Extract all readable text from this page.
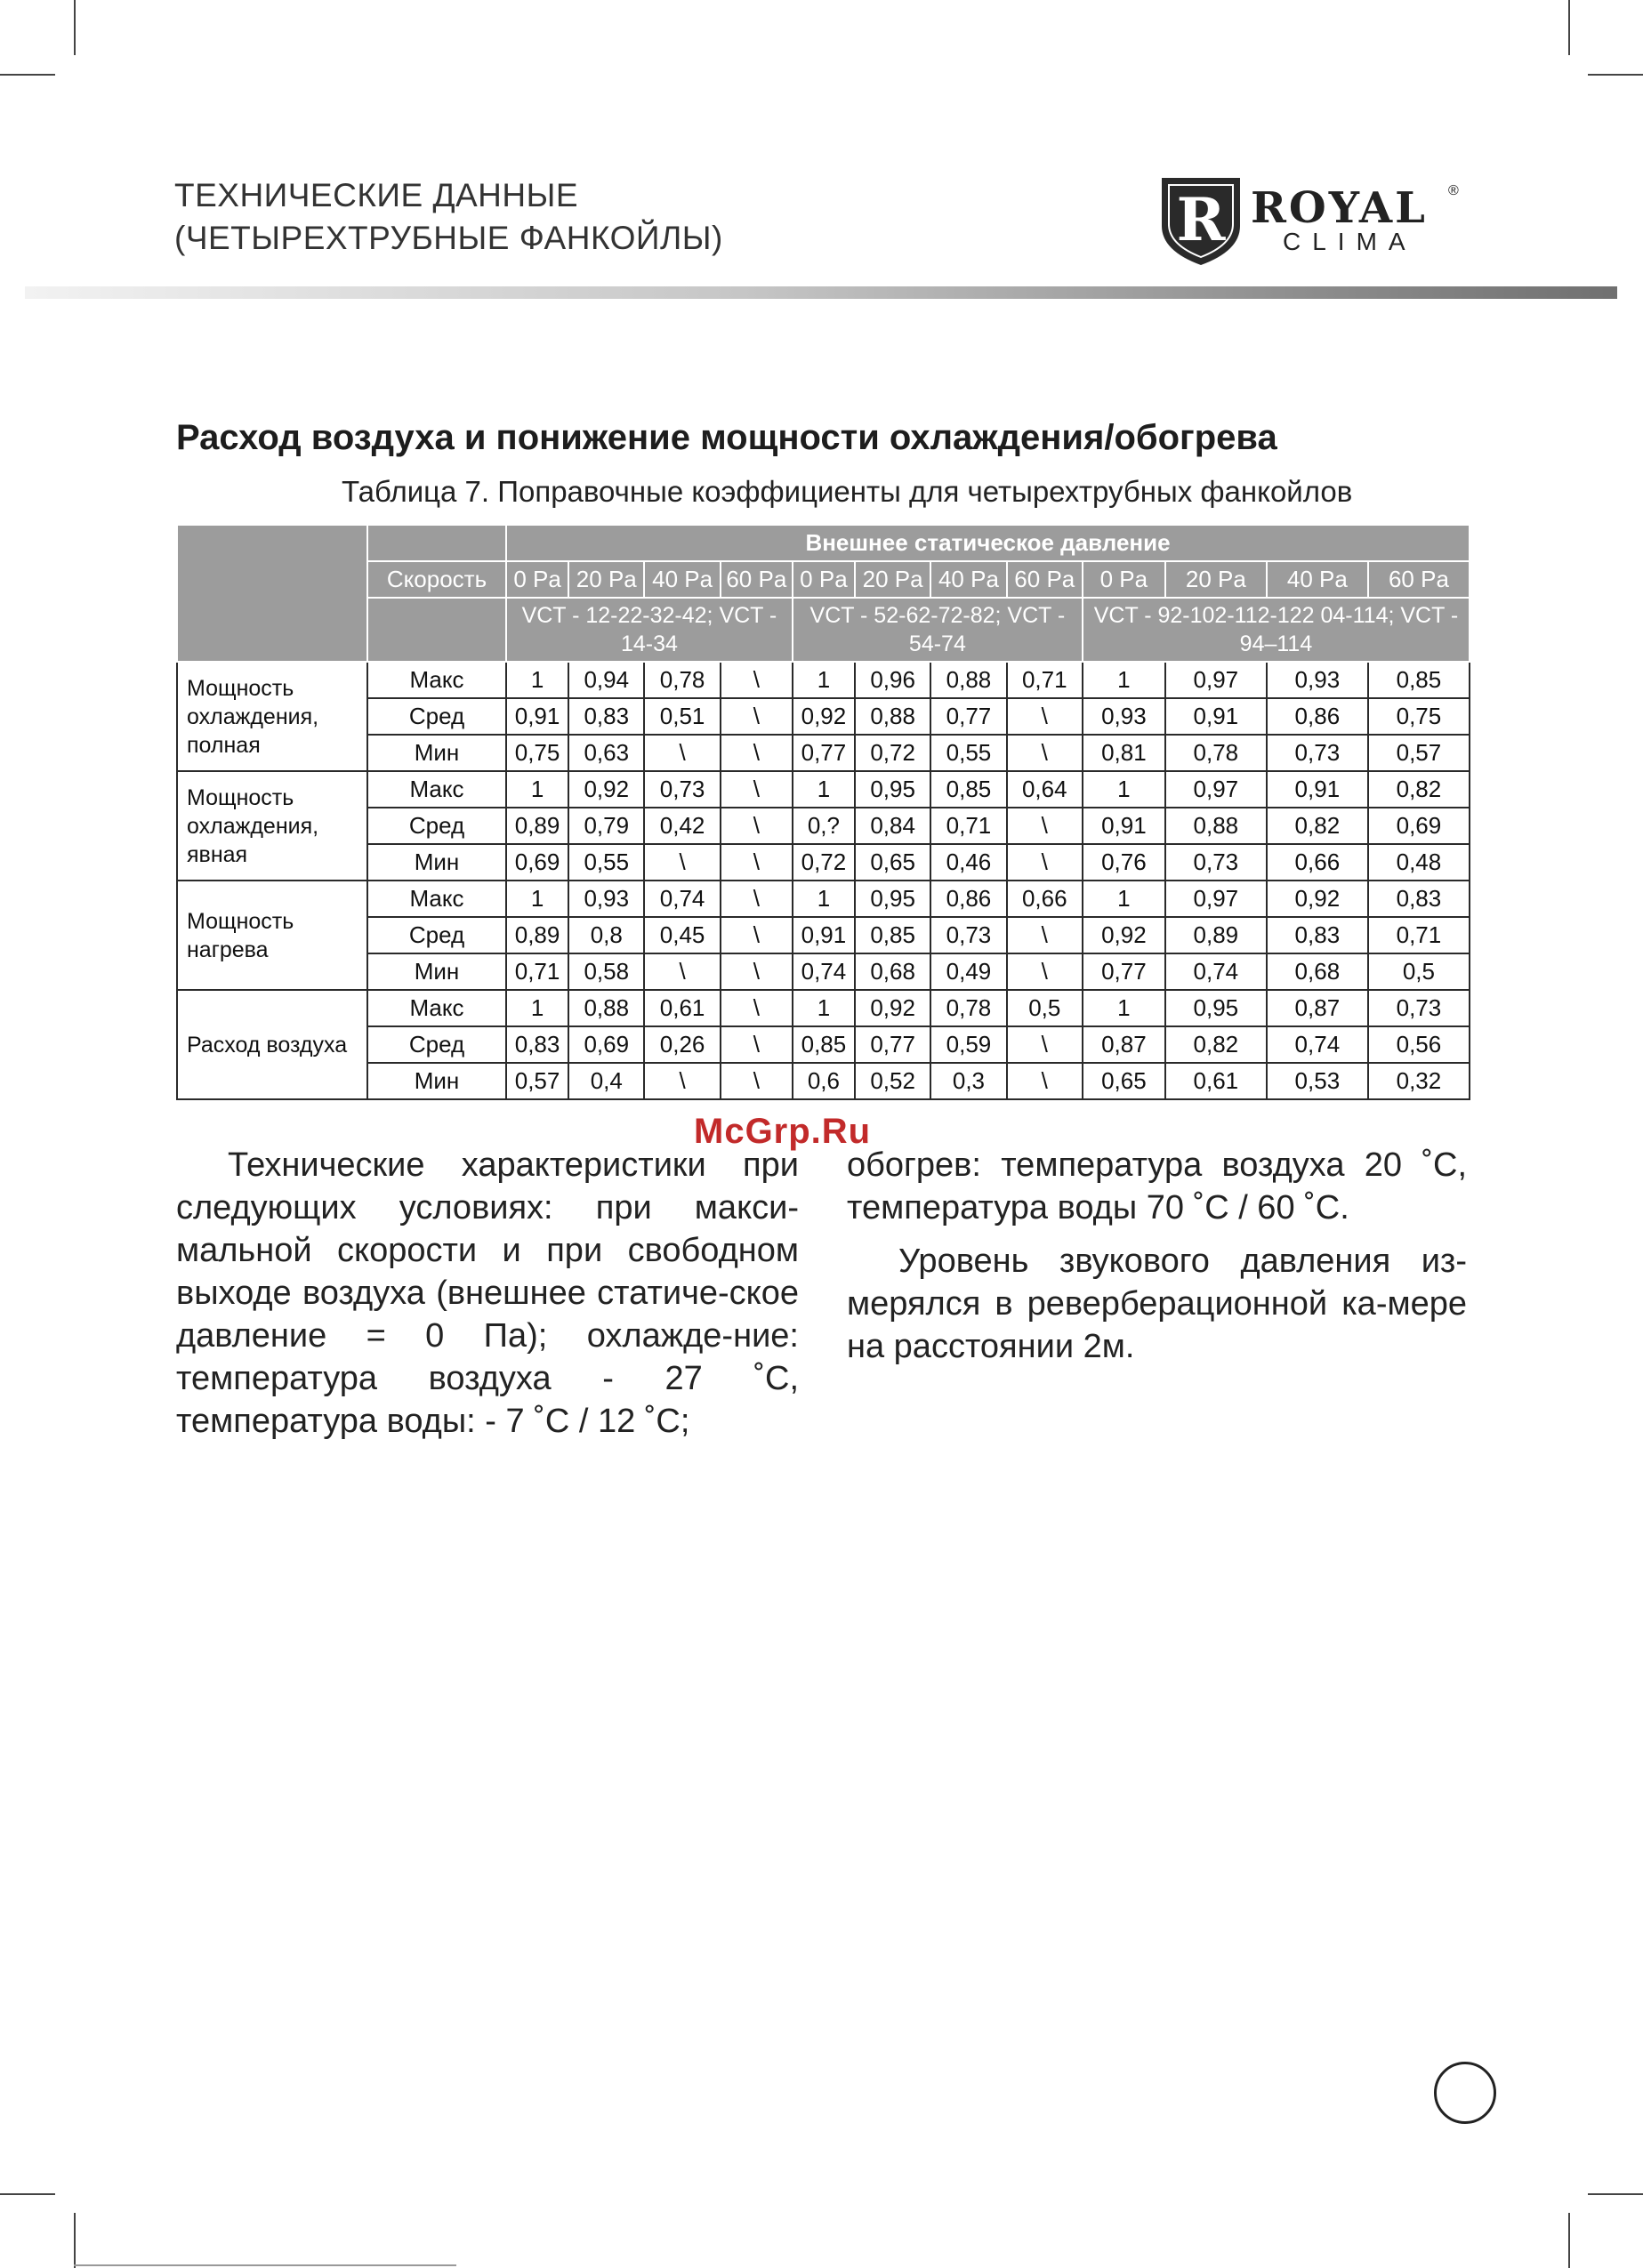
ТЕХНИЧЕСКИЕ ДАННЫЕ
(ЧЕТЫРЕХТРУБНЫЕ ФАНКОЙЛЫ)	R ROYAL ®
CLIMA
Расход воздуха и понижение мощности охлаждения/обогрева
Таблица 7. Поправочные коэффициенты для четырехтрубных фанкойлов
		Внешнее статическое давление											
	Скорость	0 Pa	20 Pa	40 Pa	60 Pa	0 Pa	20 Pa	40 Pa	60 Pa	0 Pa	20 Pa	40 Pa	60 Pa
		VCT - 12-22-32-42; VCT - 14-34				VCT - 52-62-72-82; VCT - 54-74				VCT - 92-102-112-122 04-114; VCT - 94–114			
Мощность охлаждения, полная	Макс	1	0,94	0,78	\	1	0,96	0,88	0,71	1	0,97	0,93	0,85
	Сред	0,91	0,83	0,51	\	0,92	0,88	0,77	\	0,93	0,91	0,86	0,75
	Мин	0,75	0,63	\	\	0,77	0,72	0,55	\	0,81	0,78	0,73	0,57
Мощность охлаждения, явная	Макс	1	0,92	0,73	\	1	0,95	0,85	0,64	1	0,97	0,91	0,82
	Сред	0,89	0,79	0,42	\	0,?	0,84	0,71	\	0,91	0,88	0,82	0,69
	Мин	0,69	0,55	\	\	0,72	0,65	0,46	\	0,76	0,73	0,66	0,48
Мощность нагрева	Макс	1	0,93	0,74	\	1	0,95	0,86	0,66	1	0,97	0,92	0,83
	Сред	0,89	0,8	0,45	\	0,91	0,85	0,73	\	0,92	0,89	0,83	0,71
	Мин	0,71	0,58	\	\	0,74	0,68	0,49	\	0,77	0,74	0,68	0,5
Расход воздуха	Макс	1	0,88	0,61	\	1	0,92	0,78	0,5	1	0,95	0,87	0,73
	Сред	0,83	0,69	0,26	\	0,85	0,77	0,59	\	0,87	0,82	0,74	0,56
	Мин	0,57	0,4	\	\	0,6	0,52	0,3	\	0,65	0,61	0,53	0,32
McGrp.Ru

Технические характеристики при следующих условиях: при макси-мальной скорости и при свободном выходе воздуха (внешнее статиче-ское давление = 0 Па); охлажде-ние: температура воздуха - 27 ˚С, температура воды: - 7 ˚С / 12 ˚С;

обогрев: температура воздуха 20 ˚С, температура воды 70 ˚С / 60 ˚С.

Уровень звукового давления из-мерялся в реверберационной ка-мере на расстоянии 2м.
